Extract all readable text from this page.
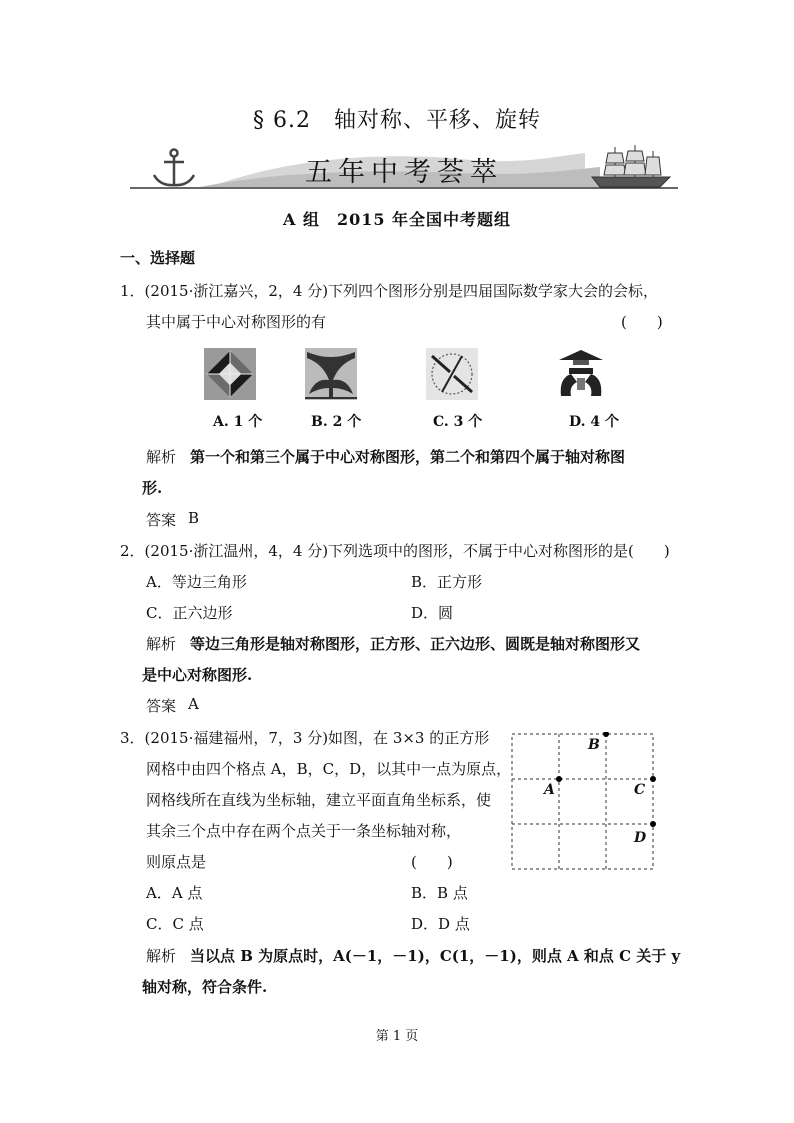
§ 6.2　轴对称、平移、旋转
五年中考荟萃
A 组　2015 年全国中考题组
一、选择题
1．(2015·浙江嘉兴，2，4 分)下列四个图形分别是四届国际数学家大会的会标，
其中属于中心对称图形的有	(　　)
A. 1 个	B. 2 个	C. 3 个	D. 4 个
解析 第一个和第三个属于中心对称图形，第二个和第四个属于轴对称图
形.
答案 B
2．(2015·浙江温州，4，4 分)下列选项中的图形，不属于中心对称图形的是(　　)
A．等边三角形	B．正方形
C．正六边形	D．圆
解析 等边三角形是轴对称图形，正方形、正六边形、圆既是轴对称图形又
是中心对称图形.
答案 A
3．(2015·福建福州，7，3 分)如图，在 3×3 的正方形
网格中由四个格点 A，B，C，D，以其中一点为原点，
网格线所在直线为坐标轴，建立平面直角坐标系，使
其余三个点中存在两个点关于一条坐标轴对称，
则原点是	(　　)
A
B
C
D
A．A 点	B．B 点
C．C 点	D．D 点
解析 当以点 B 为原点时，A(－1，－1)，C(1，－1)，则点 A 和点 C 关于 y
轴对称，符合条件.
第 1 页
